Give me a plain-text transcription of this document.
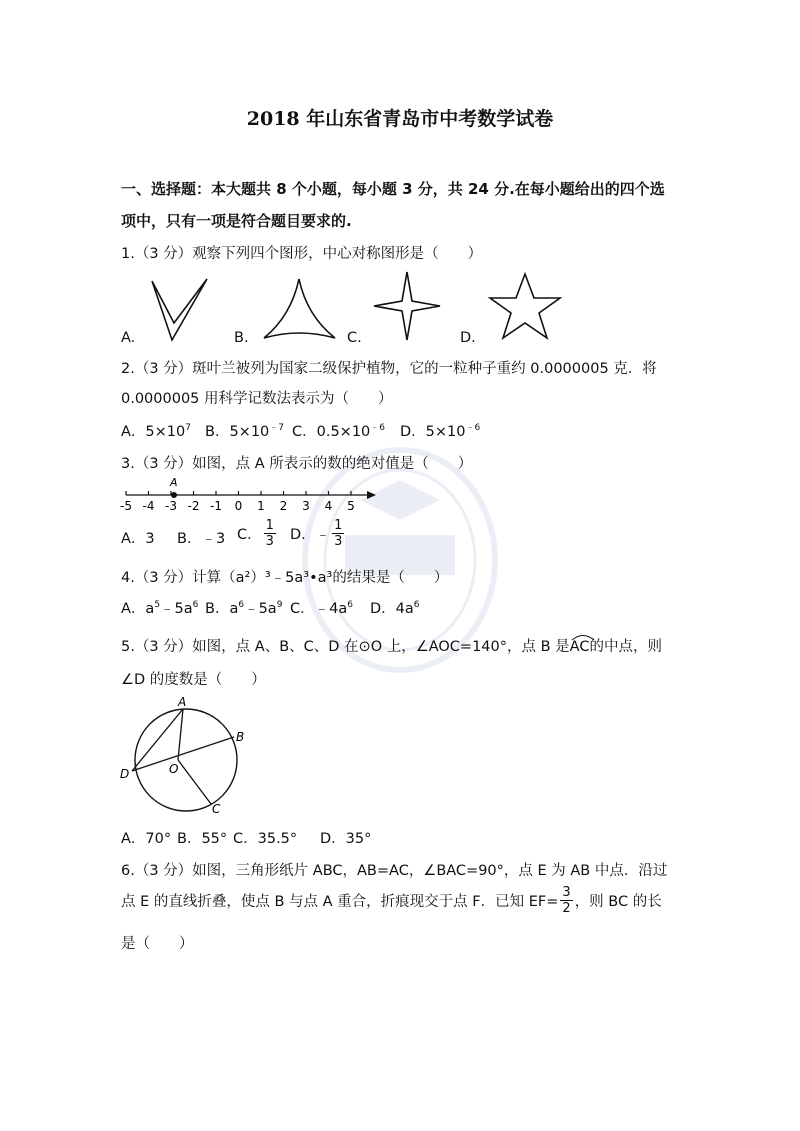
2018 年山东省青岛市中考数学试卷
一、选择题：本大题共 8 个小题，每小题 3 分，共 24 分.在每小题给出的四个选
项中，只有一项是符合题目要求的.
1.（3 分）观察下列四个图形，中心对称图形是（　　）
A.	B.	C.	D.
2.（3 分）斑叶兰被列为国家二级保护植物，它的一粒种子重约 0.0000005 克．将
0.0000005 用科学记数法表示为（　　）
A．$5\times 10^7$ B．$5\times 10^{﹣7}$ C．$0.5\times 10^{﹣6}$ D．$5\times 10^{﹣6}$
3.（3 分）如图，点 A 所表示的数的绝对值是（　　）
-5 -4 -3 -2 -1 0 1 2 3 4 5
A
A．3 B．﹣3 C． $\frac{1}{3}$ D．﹣ $\frac{1}{3}$
4.（3 分）计算（a²）³﹣5a³•a³的结果是（　　）
A．$a^5﹣5a^6$ B．$a^6﹣5a^9$ C．$﹣4a^6$ D．$4a^6$
5.（3 分）如图，点 A、B、C、D 在⊙O 上，∠AOC=140°，点 B 是
AC的中点，则
∠D 的度数是（　　）
A
B
C
D	O
A．70° B．55° C．35.5° D．35°
6.（3 分）如图，三角形纸片 ABC，AB=AC，∠BAC=90°，点 E 为 AB 中点．沿过
点 E 的直线折叠，使点 B 与点 A 重合，折痕现交于点 F．已知 $EF= \frac{3}{2}$ ，则 BC 的长
是（　　）
